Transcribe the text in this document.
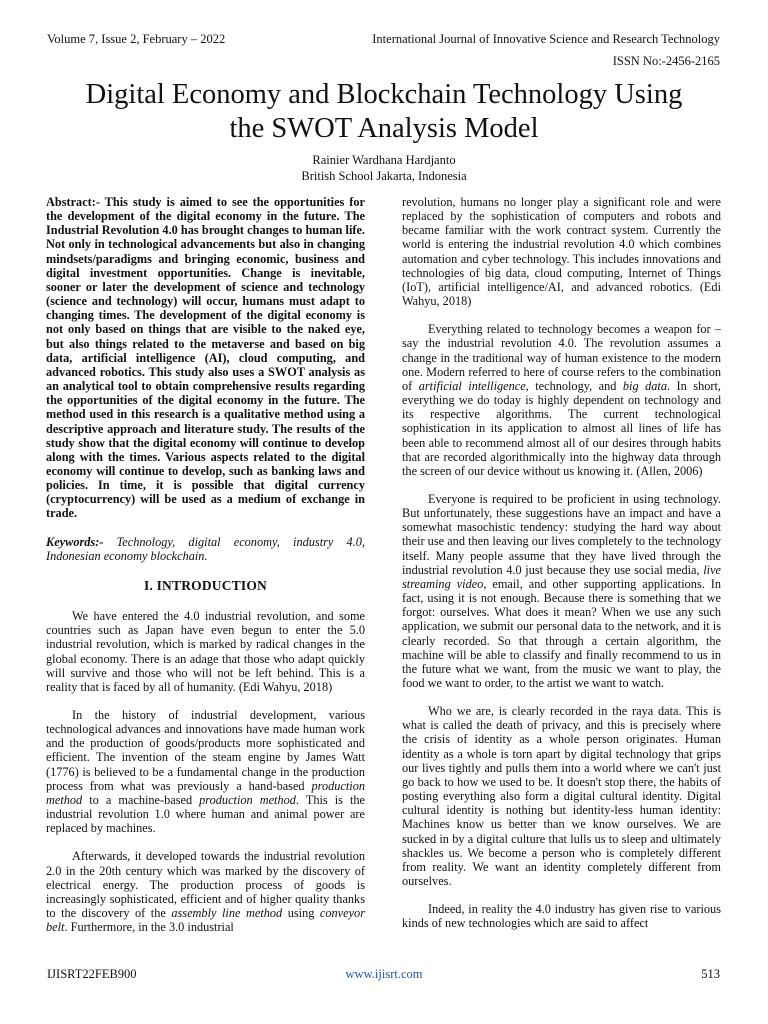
Volume 7, Issue 2, February – 2022	International Journal of Innovative Science and Research Technology
ISSN No:-2456-2165
Digital Economy and Blockchain Technology Using
the SWOT Analysis Model
Rainier Wardhana Hardjanto
British School Jakarta, Indonesia

Abstract:- This study is aimed to see the opportunities for the development of the digital economy in the future. The Industrial Revolution 4.0 has brought changes to human life. Not only in technological advancements but also in changing mindsets/paradigms and bringing economic, business and digital investment opportunities. Change is inevitable, sooner or later the development of science and technology (science and technology) will occur, humans must adapt to changing times. The development of the digital economy is not only based on things that are visible to the naked eye, but also things related to the metaverse and based on big data, artificial intelligence (AI), cloud computing, and advanced robotics. This study also uses a SWOT analysis as an analytical tool to obtain comprehensive results regarding the opportunities of the digital economy in the future. The method used in this research is a qualitative method using a descriptive approach and literature study. The results of the study show that the digital economy will continue to develop along with the times. Various aspects related to the digital economy will continue to develop, such as banking laws and policies. In time, it is possible that digital currency (cryptocurrency) will be used as a medium of exchange in trade.

Keywords:- Technology, digital economy, industry 4.0, Indonesian economy blockchain.

I. INTRODUCTION

We have entered the 4.0 industrial revolution, and some countries such as Japan have even begun to enter the 5.0 industrial revolution, which is marked by radical changes in the global economy. There is an adage that those who adapt quickly will survive and those who will not be left behind. This is a reality that is faced by all of humanity. (Edi Wahyu, 2018)

In the history of industrial development, various technological advances and innovations have made human work and the production of goods/products more sophisticated and efficient. The invention of the steam engine by James Watt (1776) is believed to be a fundamental change in the production process from what was previously a hand-based production method to a machine-based production method. This is the industrial revolution 1.0 where human and animal power are replaced by machines.

Afterwards, it developed towards the industrial revolution 2.0 in the 20th century which was marked by the discovery of electrical energy. The production process of goods is increasingly sophisticated, efficient and of higher quality thanks to the discovery of the assembly line method using conveyor belt. Furthermore, in the 3.0 industrial

revolution, humans no longer play a significant role and were replaced by the sophistication of computers and robots and became familiar with the work contract system. Currently the world is entering the industrial revolution 4.0 which combines automation and cyber technology. This includes innovations and technologies of big data, cloud computing, Internet of Things (IoT), artificial intelligence/AI, and advanced robotics. (Edi Wahyu, 2018)

Everything related to technology becomes a weapon for – say the industrial revolution 4.0. The revolution assumes a change in the traditional way of human existence to the modern one. Modern referred to here of course refers to the combination of artificial intelligence, technology, and big data. In short, everything we do today is highly dependent on technology and its respective algorithms. The current technological sophistication in its application to almost all lines of life has been able to recommend almost all of our desires through habits that are recorded algorithmically into the highway data through the screen of our device without us knowing it. (Allen, 2006)

Everyone is required to be proficient in using technology. But unfortunately, these suggestions have an impact and have a somewhat masochistic tendency: studying the hard way about their use and then leaving our lives completely to the technology itself. Many people assume that they have lived through the industrial revolution 4.0 just because they use social media, live streaming video, email, and other supporting applications. In fact, using it is not enough. Because there is something that we forgot: ourselves. What does it mean? When we use any such application, we submit our personal data to the network, and it is clearly recorded. So that through a certain algorithm, the machine will be able to classify and finally recommend to us in the future what we want, from the music we want to play, the food we want to order, to the artist we want to watch.

Who we are, is clearly recorded in the raya data. This is what is called the death of privacy, and this is precisely where the crisis of identity as a whole person originates. Human identity as a whole is torn apart by digital technology that grips our lives tightly and pulls them into a world where we can't just go back to how we used to be. It doesn't stop there, the habits of posting everything also form a digital cultural identity. Digital cultural identity is nothing but identity-less human identity: Machines know us better than we know ourselves. We are sucked in by a digital culture that lulls us to sleep and ultimately shackles us. We become a person who is completely different from reality. We want an identity completely different from ourselves.

Indeed, in reality the 4.0 industry has given rise to various kinds of new technologies which are said to affect

IJISRT22FEB900	www.ijisrt.com	513
